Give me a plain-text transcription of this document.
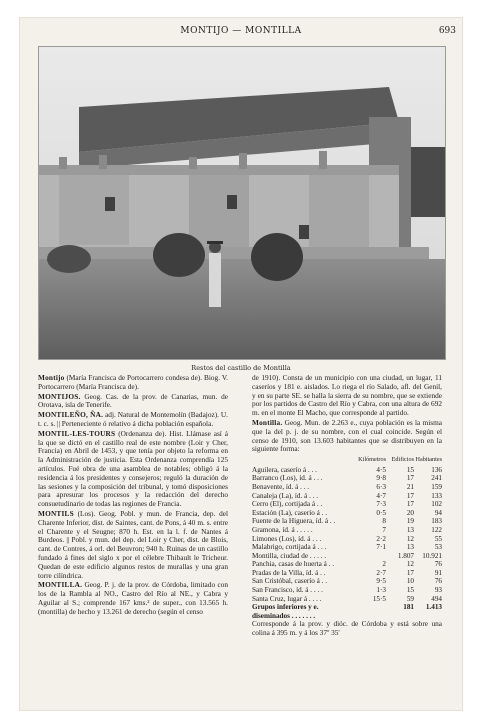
MONTIJO — MONTILLA	693
Restos del castillo de Montilla

Montijo (María Francisca de Portocarrero condesa de). Biog. V. Portocarrero (María Francisca de).

MONTIJOS. Geog. Cas. de la prov. de Canarias, mun. de Orotava, isla de Tenerife.

MONTILEÑO, ÑA. adj. Natural de Montemolín (Badajoz). U. t. c. s. || Perteneciente ó relativo á dicha población española.

MONTIL-LES-TOURS (Ordenanza de). Hist. Llámase así á la que se dictó en el castillo real de este nombre (Loir y Cher, Francia) en Abril de 1453, y que tenía por objeto la reforma en la Administración de justicia. Esta Ordenanza comprendía 125 artículos. Fué obra de una asamblea de notables; obligó á la residencia á los presidentes y consejeros; reguló la duración de las sesiones y la composición del tribunal, y tomó disposiciones para apresurar los procesos y la redacción del derecho consuetudinario de todas las regiones de Francia.

MONTILS (Los). Geog. Pobl. y mun. de Francia, dep. del Charente Inferior, dist. de Saintes, cant. de Pons, á 40 m. s. entre el Charente y el Seugne; 870 h. Est. en la l. f. de Nantes á Burdeos. || Pobl. y mun. del dep. del Loir y Cher, dist. de Blois, cant. de Contres, á orl. del Beuvron; 940 h. Ruinas de un castillo fundado á fines del siglo x por el célebre Thibault le Tricheur. Quedan de este edificio algunos restos de murallas y una gran torre cilíndrica.

MONTILLA. Geog. P. j. de la prov. de Córdoba, limitado con los de la Rambla al NO., Castro del Río al NE., y Cabra y Aguilar al S.; comprende 167 kms.² de super., con 13.565 h. (montilla) de hecho y 13.261 de derecho (según el censo

de 1910). Consta de un municipio con una ciudad, un lugar, 11 caseríos y 181 e. aislados. Lo riega el río Salado, afl. del Genil, y en su parte SE. se halla la sierra de su nombre, que se extiende por los partidos de Castro del Río y Cabra, con una altura de 692 m. en el monte El Macho, que corresponde al partido.

Montilla. Geog. Mun. de 2.263 e., cuya población es la misma que la del p. j. de su nombre, con el cual coincide. Según el censo de 1910, son 13.603 habitantes que se distribuyen en la siguiente forma:

	Kilómetros	Edificios	Habitantes
Aguilera, caserío á . . .	4·5	15	136
Barranco (Los), íd. á . . .	9·8	17	241
Benavente, íd. á . . .	6·3	21	159
Canaleja (La), íd. á . . .	4·7	17	133
Cerro (El), cortijada á . .	7·3	17	102
Estación (La), caserío á . .	0·5	20	94
Fuente de la Higuera, íd. á . .	8	19	183
Gramona, íd. á . . . . .	7	13	122
Limones (Los), íd. á . . .	2·2	12	55
Malabrigo, cortijada á . . .	7·1	13	53
Montilla, ciudad de . . . . .		1.807	10.921
Panchia, casas de huerta á . .	2	12	76
Pradas de la Villa, íd. á . .	2·7	17	91
San Cristóbal, caserío á . .	9·5	10	76
San Francisco, íd. á . . . .	1·3	15	93
Santa Cruz, lugar á . . . .	15·5	59	494
Grupos inferiores y e. diseminados . . . . . . .		181	1.413

Corresponde á la prov. y dióc. de Córdoba y está sobre una colina á 395 m. y á los 37º 35'
